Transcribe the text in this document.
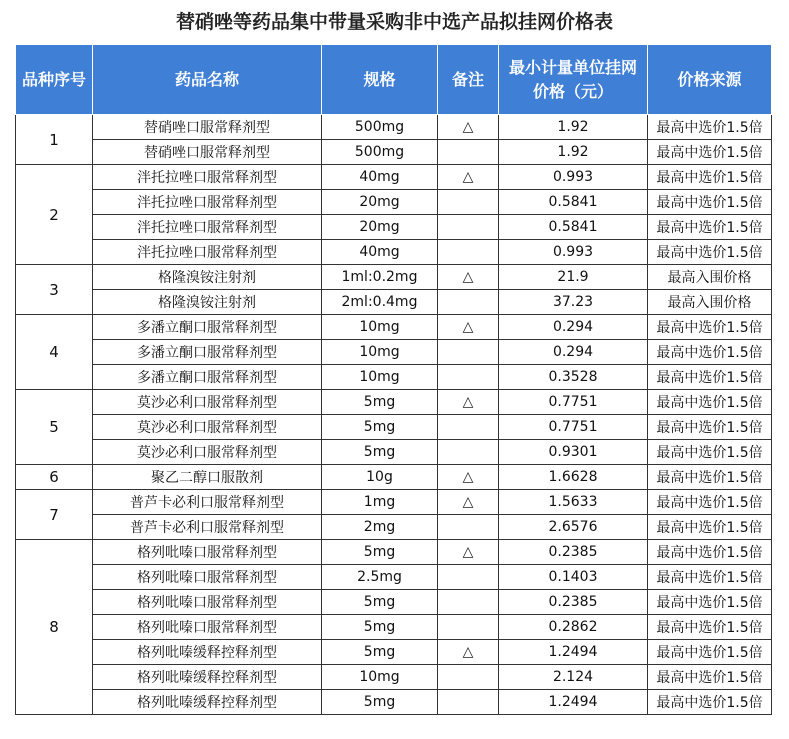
替硝唑等药品集中带量采购非中选产品拟挂网价格表
品种序号	药品名称	规格	备注	最小计量单位挂网价格（元）	价格来源
1	替硝唑口服常释剂型	500mg	△	1.92	最高中选价1.5倍
	替硝唑口服常释剂型	500mg		1.92	最高中选价1.5倍
2	泮托拉唑口服常释剂型	40mg	△	0.993	最高中选价1.5倍
	泮托拉唑口服常释剂型	20mg		0.5841	最高中选价1.5倍
	泮托拉唑口服常释剂型	20mg		0.5841	最高中选价1.5倍
	泮托拉唑口服常释剂型	40mg		0.993	最高中选价1.5倍
3	格隆溴铵注射剂	1ml:0.2mg	△	21.9	最高入围价格
	格隆溴铵注射剂	2ml:0.4mg		37.23	最高入围价格
4	多潘立酮口服常释剂型	10mg	△	0.294	最高中选价1.5倍
	多潘立酮口服常释剂型	10mg		0.294	最高中选价1.5倍
	多潘立酮口服常释剂型	10mg		0.3528	最高中选价1.5倍
5	莫沙必利口服常释剂型	5mg	△	0.7751	最高中选价1.5倍
	莫沙必利口服常释剂型	5mg		0.7751	最高中选价1.5倍
	莫沙必利口服常释剂型	5mg		0.9301	最高中选价1.5倍
6	聚乙二醇口服散剂	10g	△	1.6628	最高中选价1.5倍
7	普芦卡必利口服常释剂型	1mg	△	1.5633	最高中选价1.5倍
	普芦卡必利口服常释剂型	2mg		2.6576	最高中选价1.5倍
8	格列吡嗪口服常释剂型	5mg	△	0.2385	最高中选价1.5倍
	格列吡嗪口服常释剂型	2.5mg		0.1403	最高中选价1.5倍
	格列吡嗪口服常释剂型	5mg		0.2385	最高中选价1.5倍
	格列吡嗪口服常释剂型	5mg		0.2862	最高中选价1.5倍
	格列吡嗪缓释控释剂型	5mg	△	1.2494	最高中选价1.5倍
	格列吡嗪缓释控释剂型	10mg		2.124	最高中选价1.5倍
	格列吡嗪缓释控释剂型	5mg		1.2494	最高中选价1.5倍
